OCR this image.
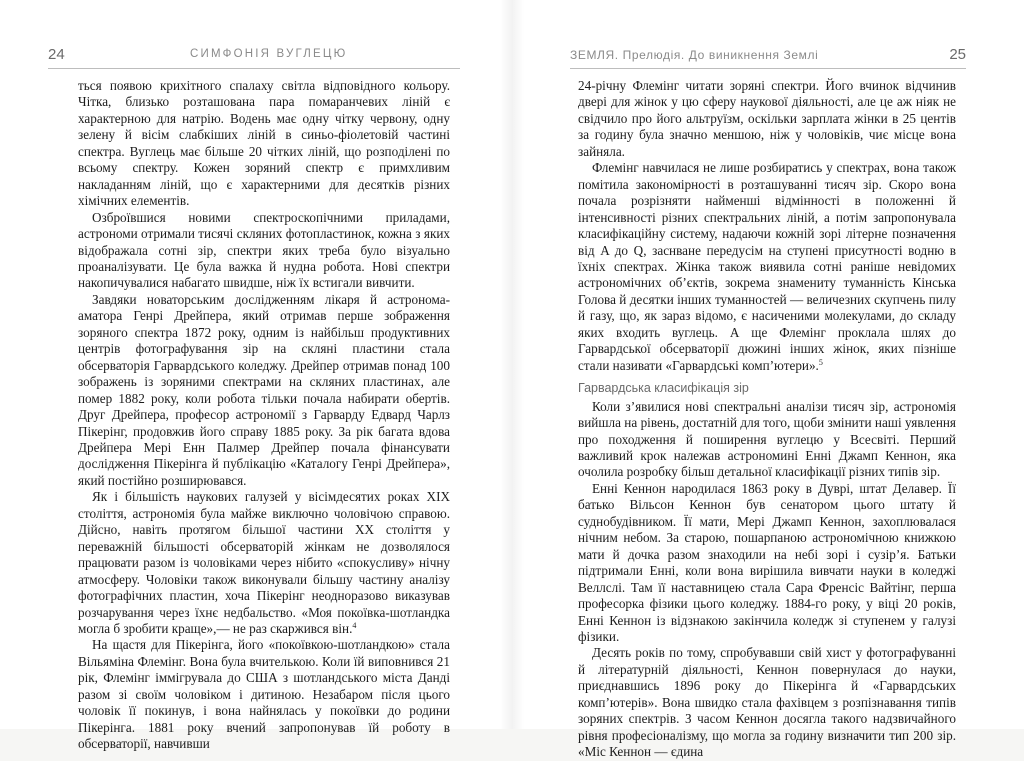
24	СИМФОНІЯ ВУГЛЕЦЮ

ться появою крихітного спалаху світла відповідного кольору. Чітка, близько розташована пара помаранчевих ліній є характерною для натрію. Водень має одну чітку червону, одну зелену й вісім слабкіших ліній в синьо-фіолетовій частині спектра. Вуглець має більше 20 чітких ліній, що розподілені по всьому спектру. Кожен зоряний спектр є примхливим накладанням ліній, що є характерними для десятків різних хімічних елементів.

Озброївшися новими спектроскопічними приладами, астрономи отримали тисячі скляних фотопластинок, кожна з яких відображала сотні зір, спектри яких треба було візуально проаналізувати. Це була важка й нудна робота. Нові спектри накопичувалися набагато швидше, ніж їх встигали вивчити.

Завдяки новаторським дослідженням лікаря й астронома-аматора Генрі Дрейпера, який отримав перше зображення зоряного спектра 1872 року, одним із найбільш продуктивних центрів фотографування зір на скляні пластини стала обсерваторія Гарвардського коледжу. Дрейпер отримав понад 100 зображень із зоряними спектрами на скляних пластинах, але помер 1882 року, коли робота тільки почала набирати обертів. Друг Дрейпера, професор астрономії з Гарварду Едвард Чарлз Пікерінг, продовжив його справу 1885 року. За рік багата вдова Дрейпера Мері Енн Палмер Дрейпер почала фінансувати дослідження Пікерінга й публікацію «Каталогу Генрі Дрейпера», який постійно розширювався.

Як і більшість наукових галузей у вісімдесятих роках XIX століття, астрономія була майже виключно чоловічою справою. Дійсно, навіть протягом більшої частини XX століття у переважній більшості обсерваторій жінкам не дозволялося працювати разом із чоловіками через нібито «спокусливу» нічну атмосферу. Чоловіки також виконували більшу частину аналізу фотографічних пластин, хоча Пікерінг неодноразово виказував розчарування через їхнє недбальство. «Моя покоївка-шотландка могла б зробити краще»,— не раз скаржився він.$^4$

На щастя для Пікерінга, його «покоївкою-шотландкою» стала Вільяміна Флемінг. Вона була вчителькою. Коли їй виповнився 21 рік, Флемінг іммігрувала до США з шотландського міста Данді разом зі своїм чоловіком і дитиною. Незабаром після цього чоловік її покинув, і вона найнялась у покоївки до родини Пікерінга. 1881 року вчений запропонував їй роботу в обсерваторії, навчивши

ЗЕМЛЯ. Прелюдія. До виникнення Землі	25

24-річну Флемінг читати зоряні спектри. Його вчинок відчинив двері для жінок у цю сферу наукової діяльності, але це аж ніяк не свідчило про його альтруїзм, оскільки зарплата жінки в 25 центів за годину була значно меншою, ніж у чоловіків, чиє місце вона зайняла.

Флемінг навчилася не лише розбиратись у спектрах, вона також помітила закономірності в розташуванні тисяч зір. Скоро вона почала розрізняти найменші відмінності в положенні й інтенсивності різних спектральних ліній, а потім запропонувала класифікаційну систему, надаючи кожній зорі літерне позначення від A до Q, заснване передусім на ступені присутності водню в їхніх спектрах. Жінка також виявила сотні раніше невідомих астрономічних об’єктів, зокрема знамениту туманність Кінська Голова й десятки інших туманностей — величезних скупчень пилу й газу, що, як зараз відомо, є насиченими молекулами, до складу яких входить вуглець. А ще Флемінг проклала шлях до Гарвардської обсерваторії дюжині інших жінок, яких пізніше стали називати «Гарвардські комп’ютери».$^5$

Гарвардська класифікація зір

Коли з’явилися нові спектральні аналізи тисяч зір, астрономія вийшла на рівень, достатній для того, щоби змінити наші уявлення про походження й поширення вуглецю у Всесвіті. Перший важливий крок належав астрономині Енні Джамп Кеннон, яка очолила розробку більш детальної класифікації різних типів зір.

Енні Кеннон народилася 1863 року в Дуврі, штат Делавер. Її батько Вільсон Кеннон був сенатором цього штату й суднобудівником. Її мати, Мері Джамп Кеннон, захоплювалася нічним небом. За старою, пошарпаною астрономічною книжкою мати й дочка разом знаходили на небі зорі і сузір’я. Батьки підтримали Енні, коли вона вирішила вивчати науки в коледжі Веллслі. Там її наставницею стала Сара Френсіс Вайтінг, перша професорка фізики цього коледжу. 1884-го року, у віці 20 років, Енні Кеннон із відзнакою закінчила коледж зі ступенем у галузі фізики.

Десять років по тому, спробувавши свій хист у фотографуванні й літературній діяльності, Кеннон повернулася до науки, приєднавшись 1896 року до Пікерінга й «Гарвардських комп’ютерів». Вона швидко стала фахівцем з розпізнавання типів зоряних спектрів. З часом Кеннон досягла такого надзвичайного рівня професіоналізму, що могла за годину визначити тип 200 зір. «Міс Кеннон — єдина
